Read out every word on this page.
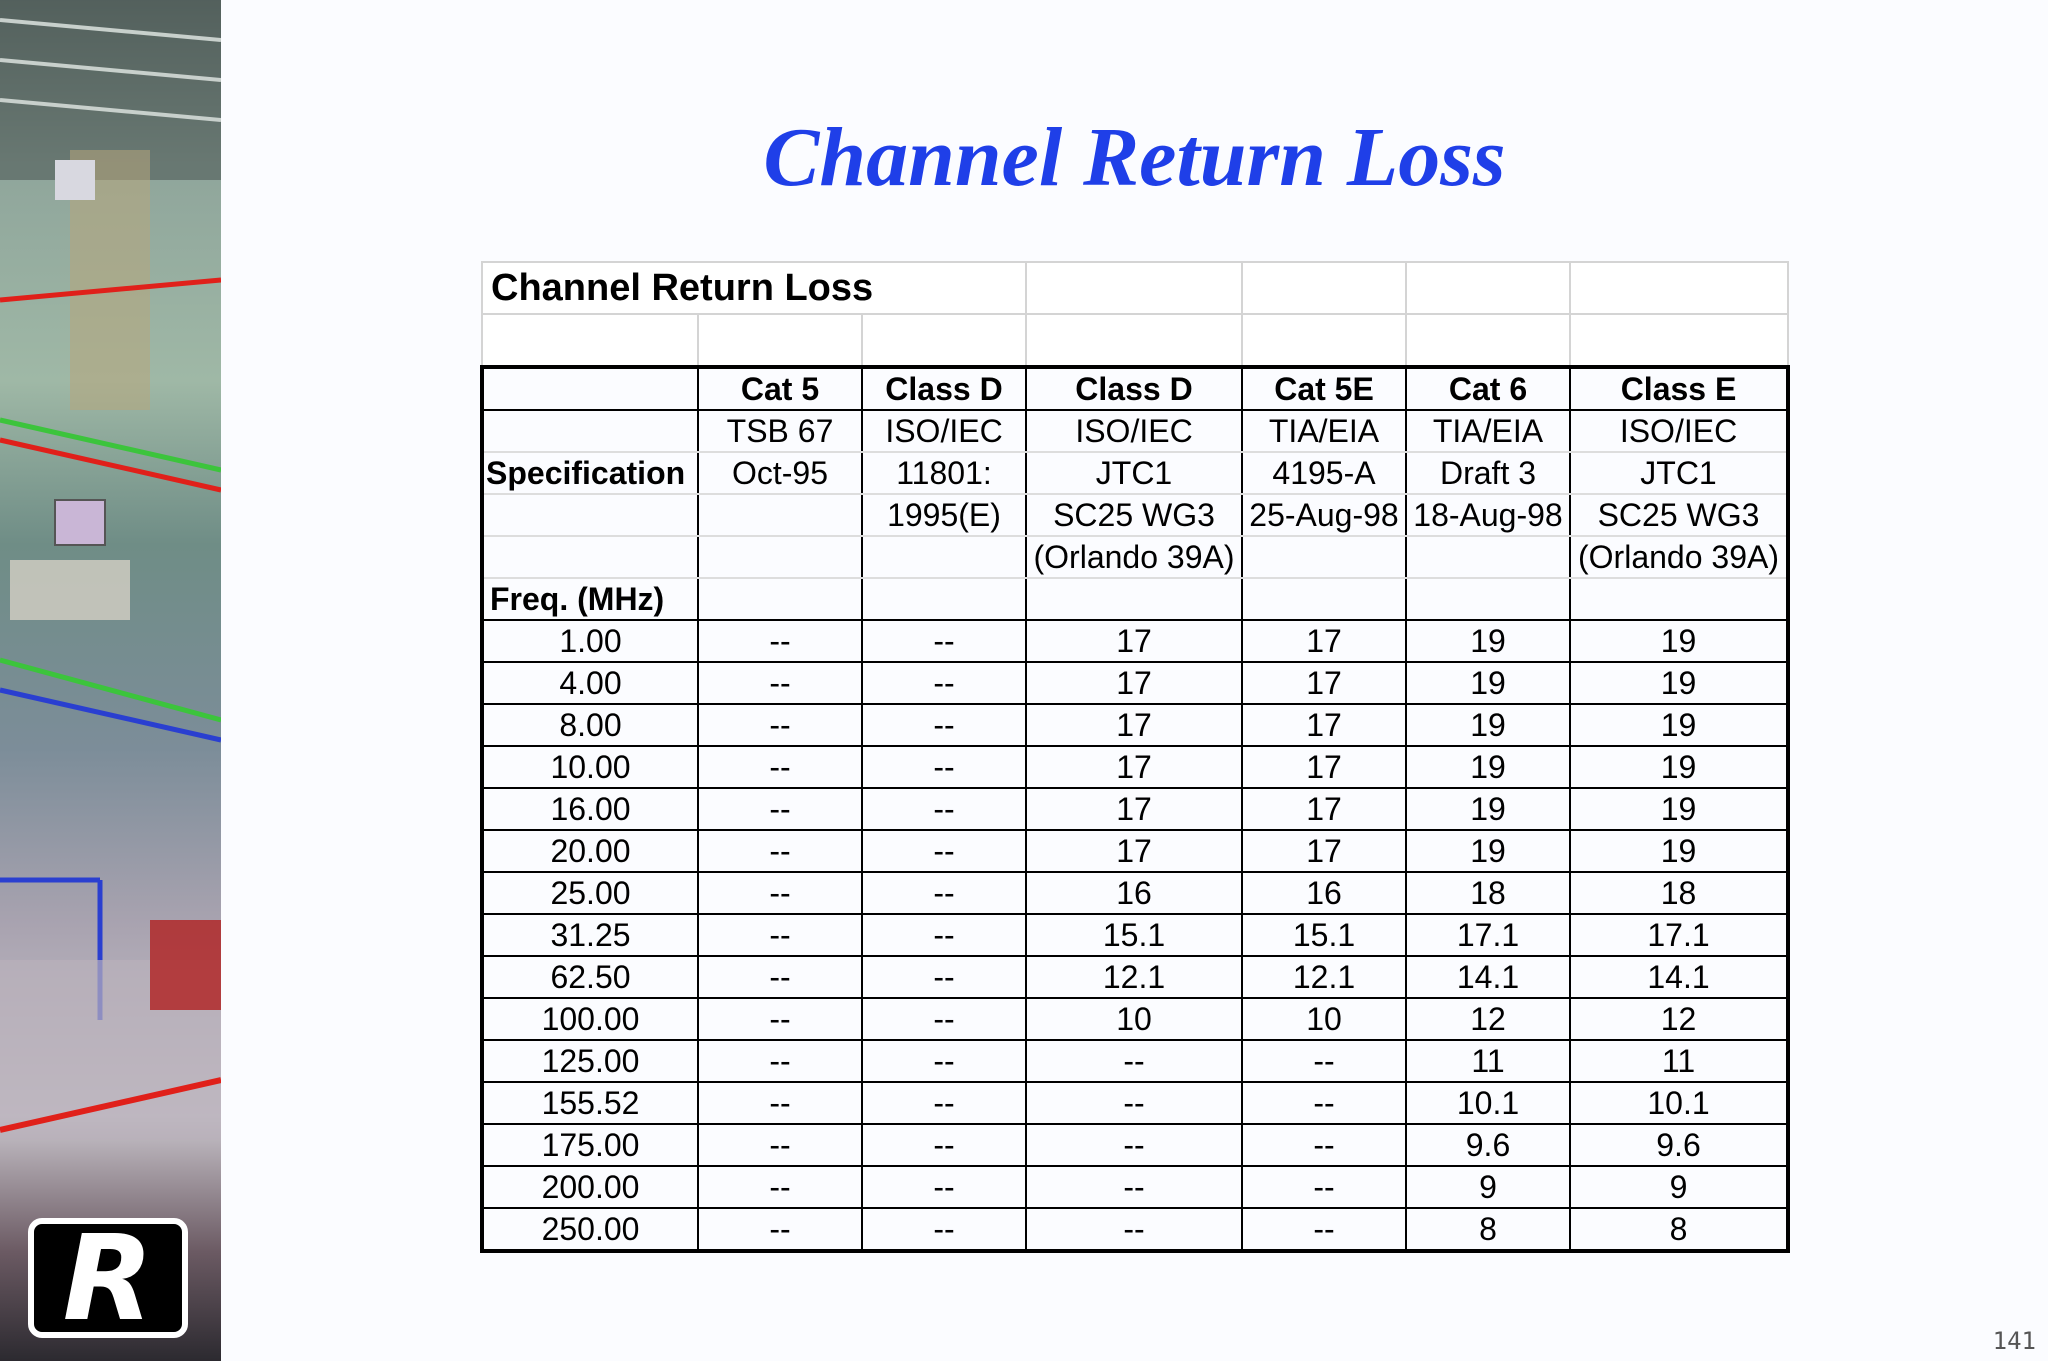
R
Channel Return Loss
Channel Return Loss						

	Cat 5	Class D	Class D	Cat 5E	Cat 6	Class E
	TSB 67	ISO/IEC	ISO/IEC	TIA/EIA	TIA/EIA	ISO/IEC
Specification	Oct-95	11801:	JTC1	4195-A	Draft 3	JTC1
		1995(E)	SC25 WG3	25-Aug-98	18-Aug-98	SC25 WG3
			(Orlando 39A)			(Orlando 39A)
Freq. (MHz)						
1.00	--	--	17	17	19	19
4.00	--	--	17	17	19	19
8.00	--	--	17	17	19	19
10.00	--	--	17	17	19	19
16.00	--	--	17	17	19	19
20.00	--	--	17	17	19	19
25.00	--	--	16	16	18	18
31.25	--	--	15.1	15.1	17.1	17.1
62.50	--	--	12.1	12.1	14.1	14.1
100.00	--	--	10	10	12	12
125.00	--	--	--	--	11	11
155.52	--	--	--	--	10.1	10.1
175.00	--	--	--	--	9.6	9.6
200.00	--	--	--	--	9	9
250.00	--	--	--	--	8	8
141
